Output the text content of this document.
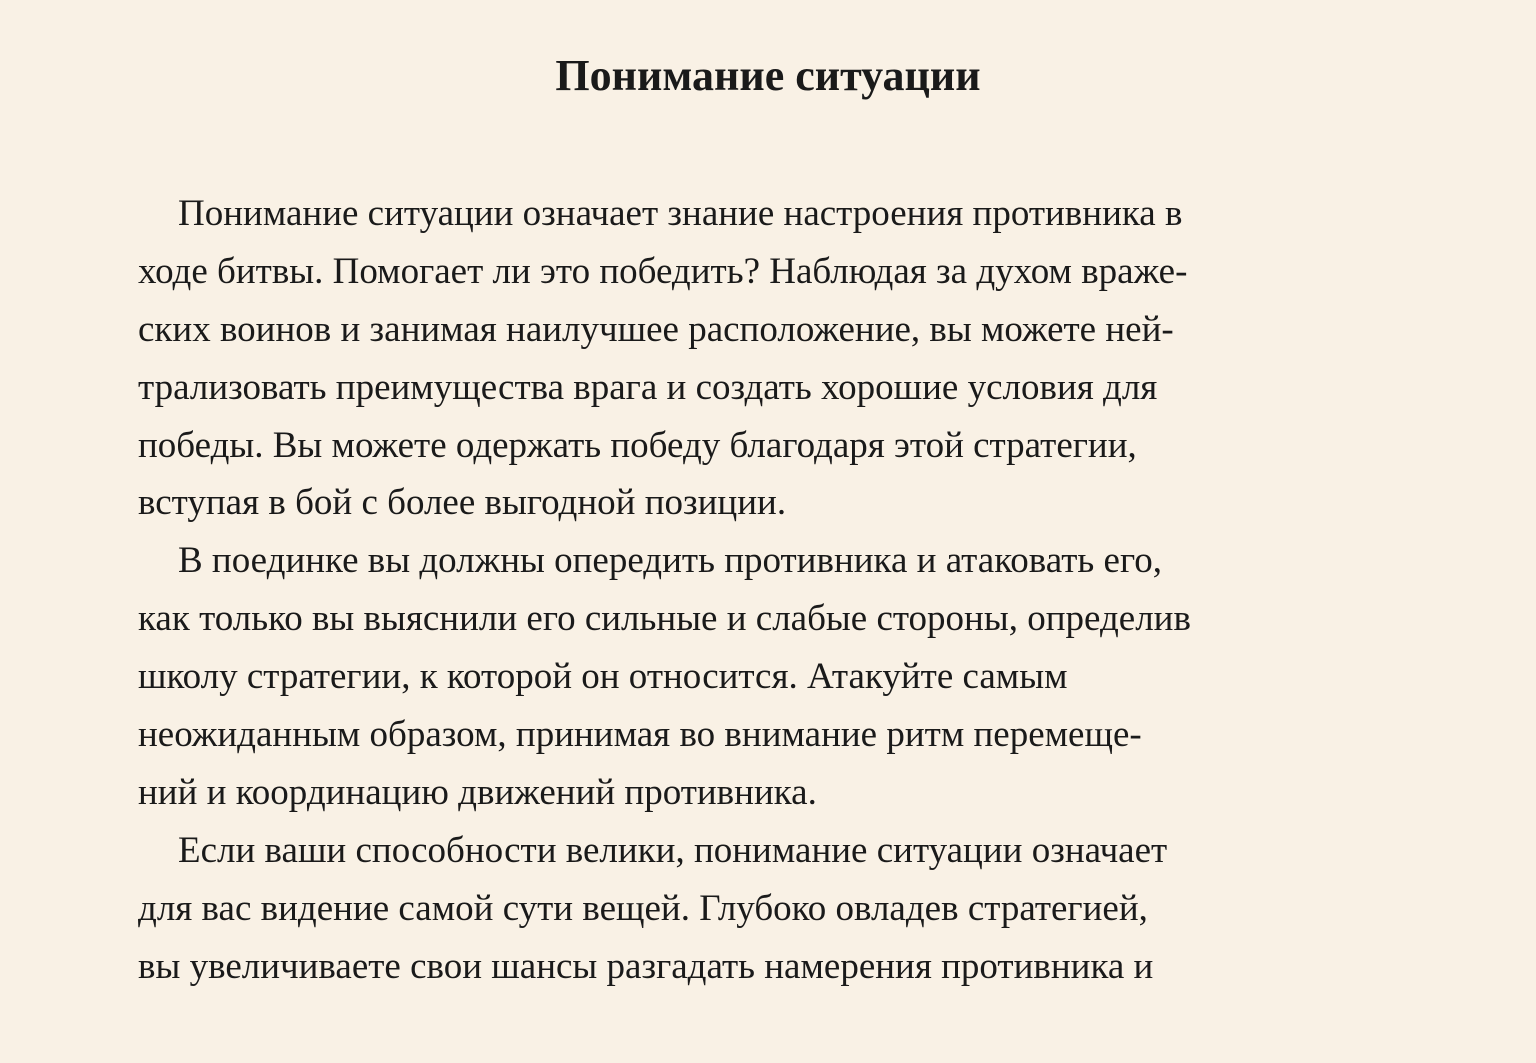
Понимание ситуации
Понимание ситуации означает знание настроения противника в
ходе битвы. Помогает ли это победить? Наблюдая за духом враже-
ских воинов и занимая наилучшее расположение, вы можете ней-
трализовать преимущества врага и создать хорошие условия для
победы. Вы можете одержать победу благодаря этой стратегии,
вступая в бой с более выгодной позиции.
В поединке вы должны опередить противника и атаковать его,
как только вы выяснили его сильные и слабые стороны, определив
школу стратегии, к которой он относится. Атакуйте самым
неожиданным образом, принимая во внимание ритм перемеще-
ний и координацию движений противника.
Если ваши способности велики, понимание ситуации означает
для вас видение самой сути вещей. Глубоко овладев стратегией,
вы увеличиваете свои шансы разгадать намерения противника и
